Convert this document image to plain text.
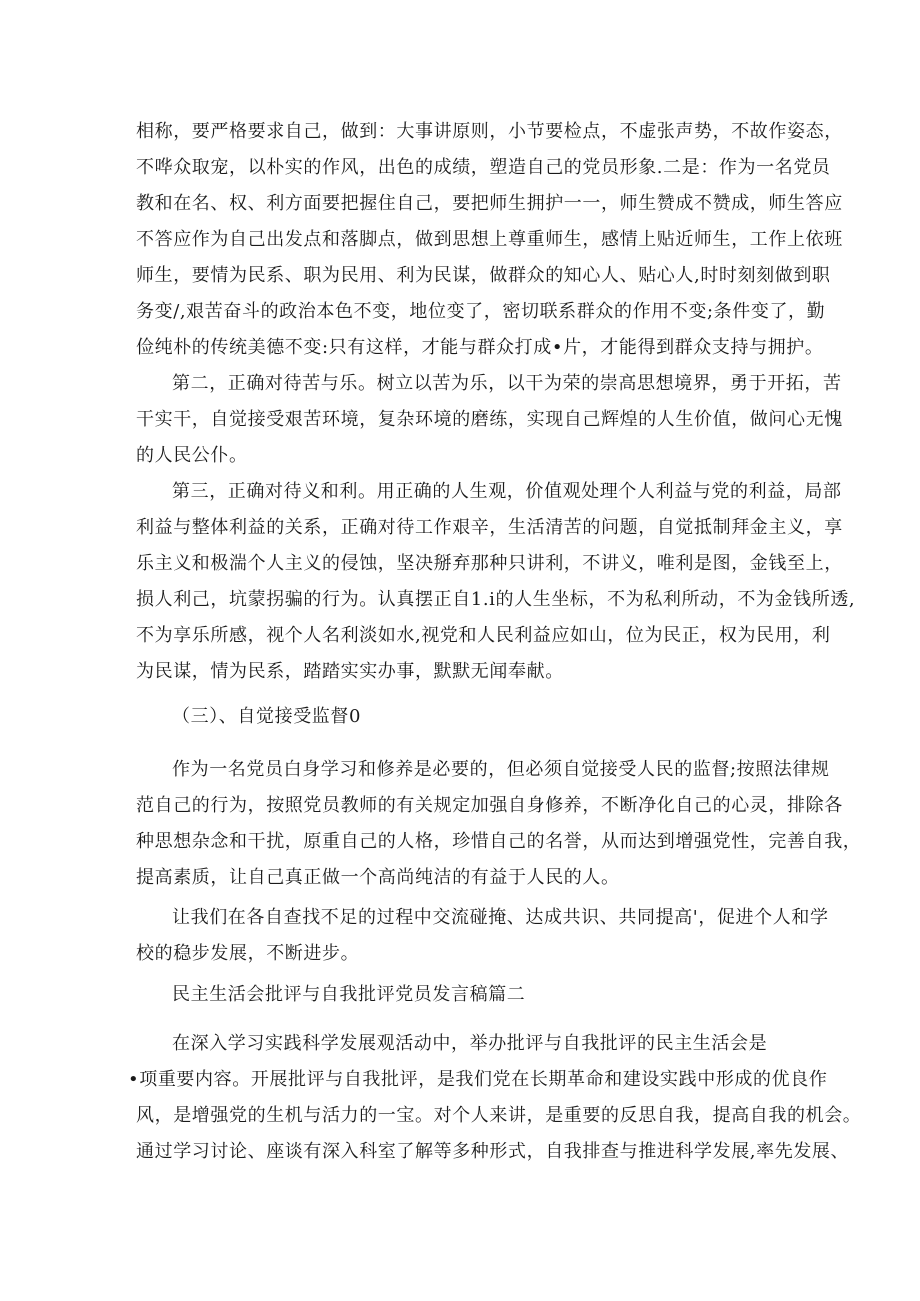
相称，要严格要求自己，做到：大事讲原则，小节要检点，不虚张声势，不故作姿态，
不哗众取宠，以朴实的作风，出色的成绩，塑造自己的党员形象.二是：作为一名党员
教和在名、权、利方面要把握住自己，要把师生拥护一一，师生赞成不赞成，师生答应
不答应作为自己出发点和落脚点，做到思想上尊重师生，感情上贴近师生，工作上依班
师生，要情为民系、职为民用、利为民谋，做群众的知心人、贴心人,时时刻刻做到职
务变/,艰苦奋斗的政治本色不变，地位变了，密切联系群众的作用不变;条件变了，勤
俭纯朴的传统美德不变:只有这样，才能与群众打成•片，才能得到群众支持与拥护。
第二，正确对待苦与乐。树立以苦为乐，以干为荣的崇高思想境界，勇于开拓，苦
干实干，自觉接受艰苦环境，复杂环境的磨练，实现自己辉煌的人生价值，做问心无愧
的人民公仆。
第三，正确对待义和利。用正确的人生观，价值观处理个人利益与党的利益，局部
利益与整体利益的关系，正确对待工作艰辛，生活清苦的问题，自觉抵制拜金主义，享
乐主义和极湍个人主义的侵蚀，坚决掰弃那种只讲利，不讲义，唯利是图，金钱至上，
损人利己，坑蒙拐骗的行为。认真摆正自1.i的人生坐标，不为私利所动，不为金钱所透,
不为享乐所感，视个人名利淡如水,视党和人民利益应如山，位为民正，权为民用，利
为民谋，情为民系，踏踏实实办事，默默无闻奉献。
（三）、自觉接受监督0
作为一名党员白身学习和修养是必要的，但必须自觉接受人民的监督;按照法律规
范自己的行为，按照党员教师的有关规定加强自身修养，不断净化自己的心灵，排除各
种思想杂念和干扰，原重自己的人格，珍惜自己的名誉，从而达到增强党性，完善自我，
提高素质，让自己真正做一个高尚纯洁的有益于人民的人。
让我们在各自查找不足的过程中交流碰掩、达成共识、共同提高'，促进个人和学
校的稳步发展，不断进步。
民主生活会批评与自我批评党员发言稿篇二
在深入学习实践科学发展观活动中，举办批评与自我批评的民主生活会是
•项重要内容。开展批评与自我批评，是我们党在长期革命和建设实践中形成的优良作
风，是增强党的生机与活力的一宝。对个人来讲，是重要的反思自我，提高自我的机会。
通过学习讨论、座谈有深入科室了解等多种形式，自我排查与推进科学发展,率先发展、
